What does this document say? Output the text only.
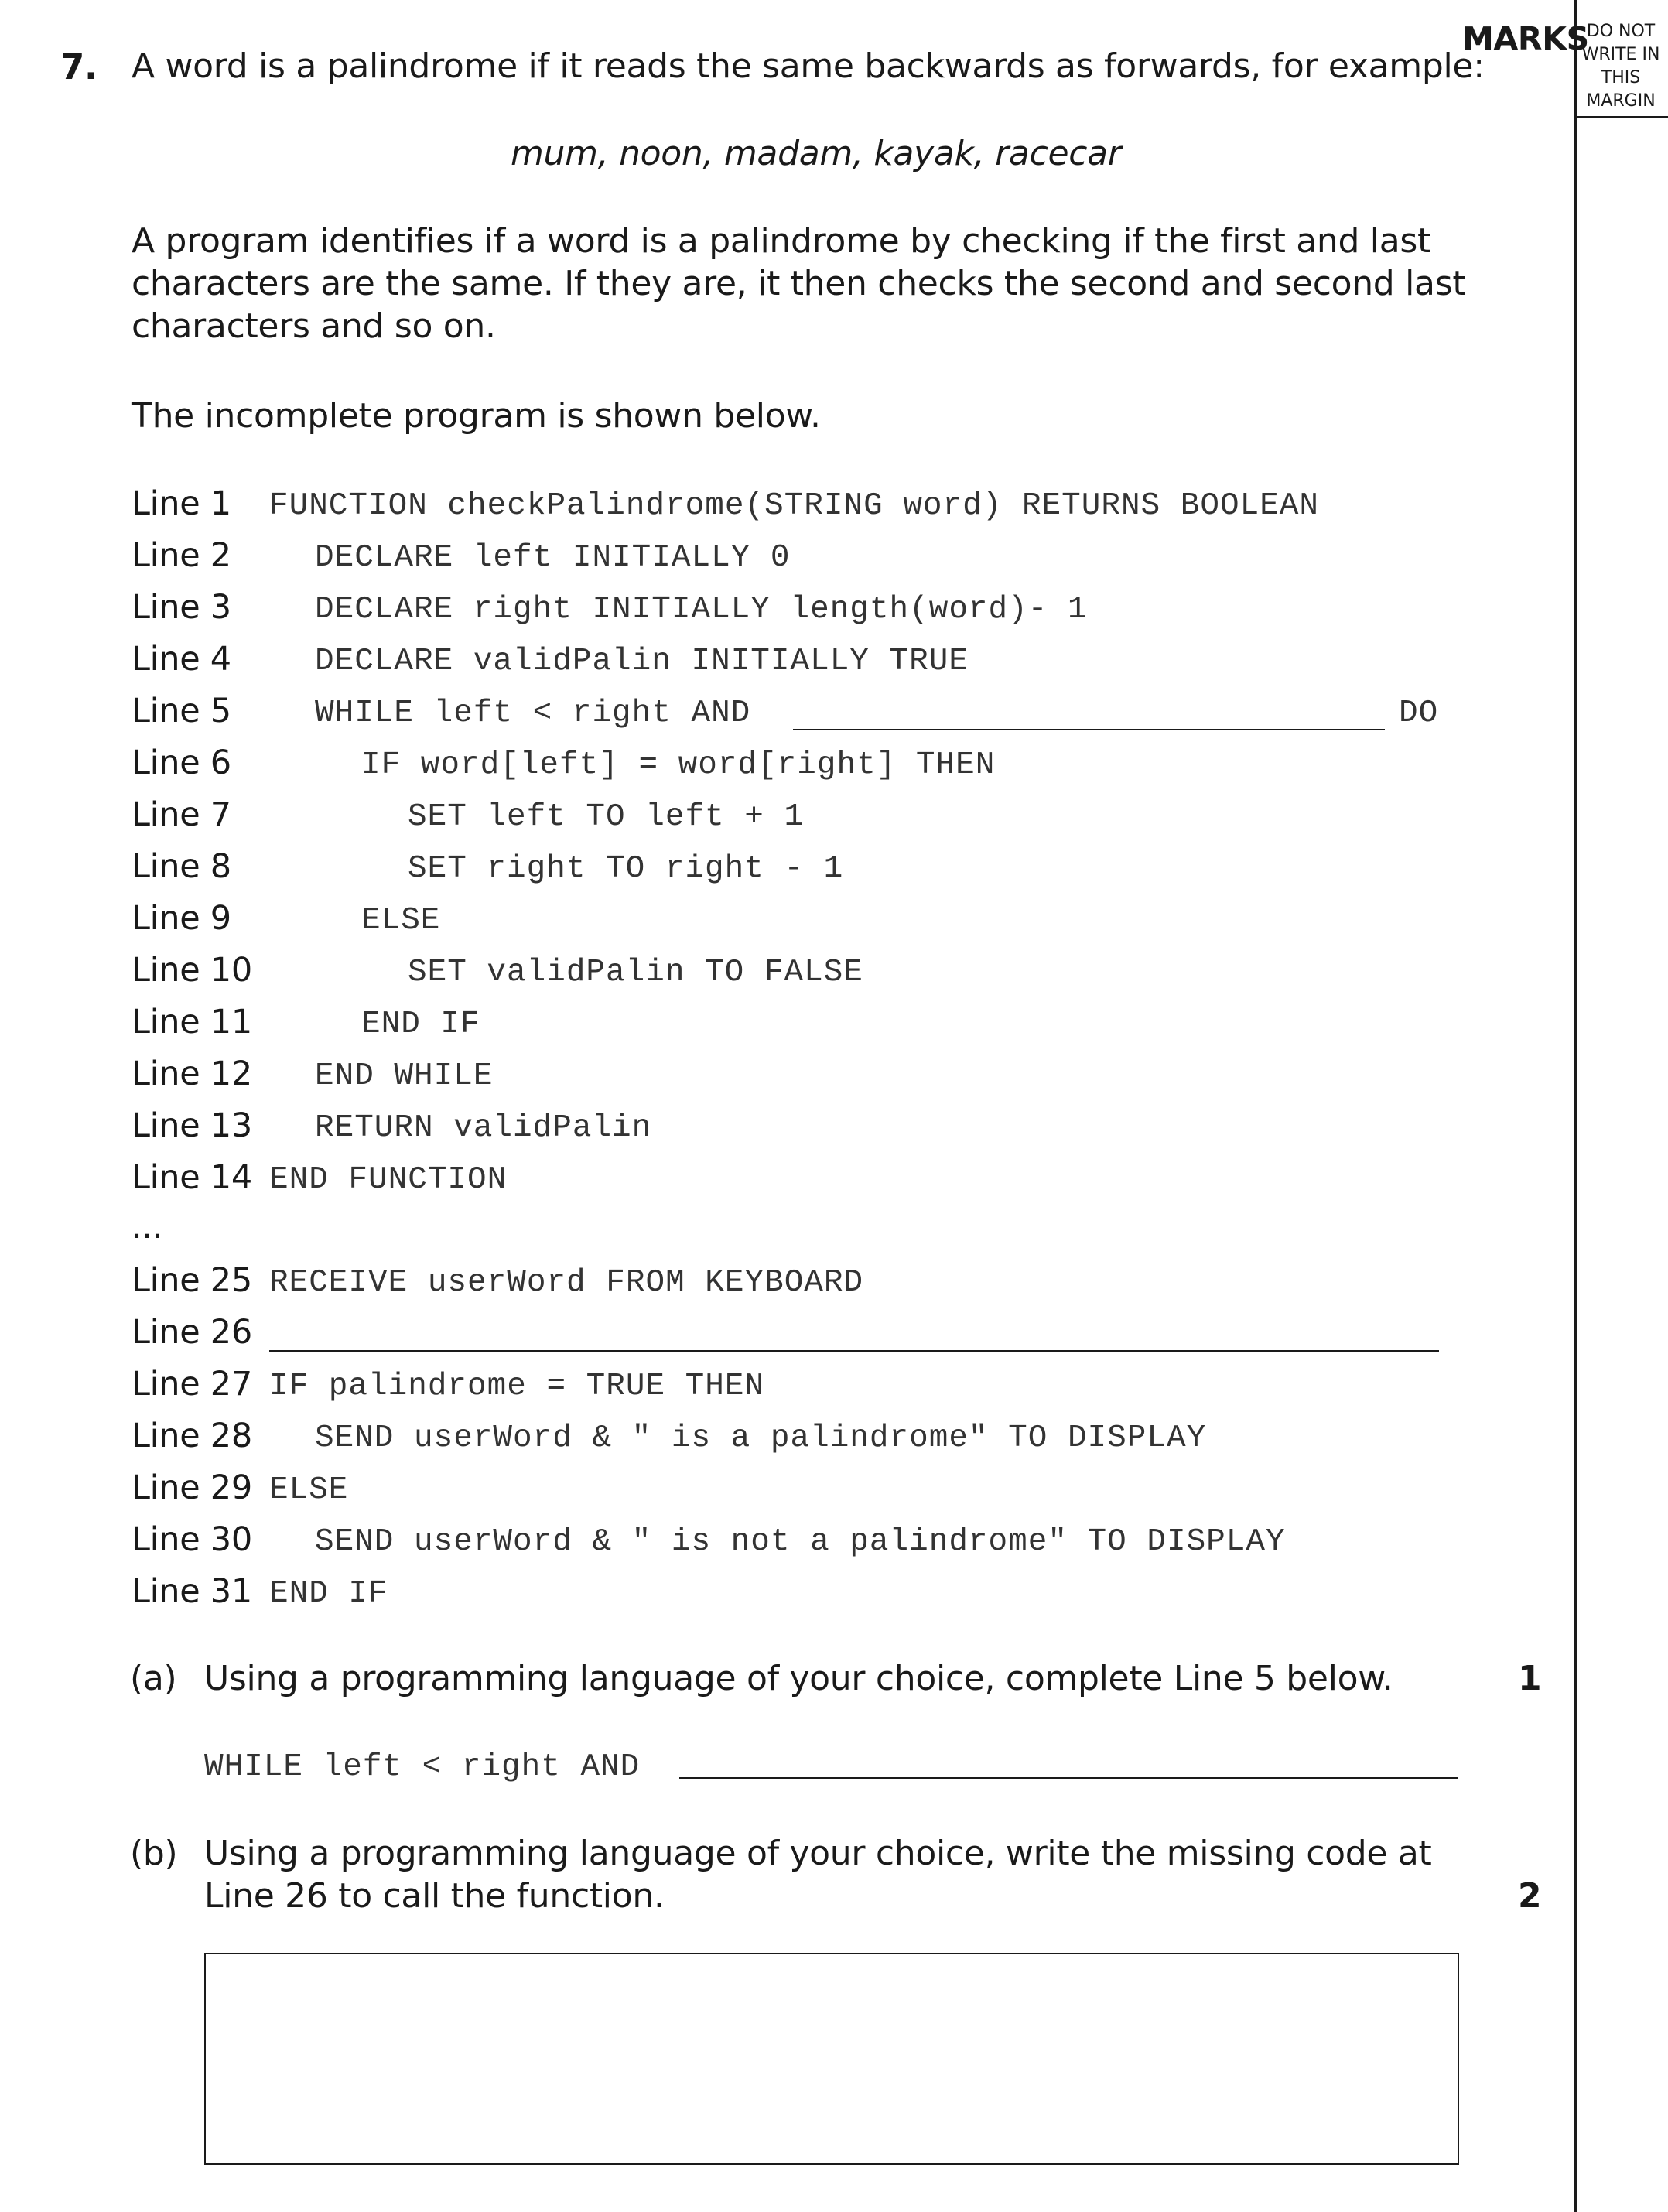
MARKS
DO NOT
WRITE IN
THIS
MARGIN
7. A word is a palindrome if it reads the same backwards as forwards, for example:
mum, noon, madam, kayak, racecar
A program identifies if a word is a palindrome by checking if the first and last
characters are the same. If they are, it then checks the second and second last
characters and so on.
The incomplete program is shown below.
Line 1 FUNCTION checkPalindrome(STRING word) RETURNS BOOLEAN
Line 2	DECLARE left INITIALLY 0
Line 3	DECLARE right INITIALLY length(word)- 1
Line 4	DECLARE validPalin INITIALLY TRUE
Line 5	WHILE left < right AND	DO
Line 6	IF word[left] = word[right] THEN
Line 7	SET left TO left + 1
Line 8	SET right TO right - 1
Line 9	ELSE
Line 10	SET validPalin TO FALSE
Line 11	END IF
Line 12 END WHILE
Line 13 RETURN validPalin
Line 14 END FUNCTION
...
Line 25 RECEIVE userWord FROM KEYBOARD
Line 26
Line 27 IF palindrome = TRUE THEN
Line 28 SEND userWord & " is a palindrome" TO DISPLAY
Line 29 ELSE
Line 30 SEND userWord & " is not a palindrome" TO DISPLAY
Line 31 END IF
(a) Using a programming language of your choice, complete Line 5 below.	1
WHILE left < right AND
(b) Using a programming language of your choice, write the missing code at
Line 26 to call the function.	2
